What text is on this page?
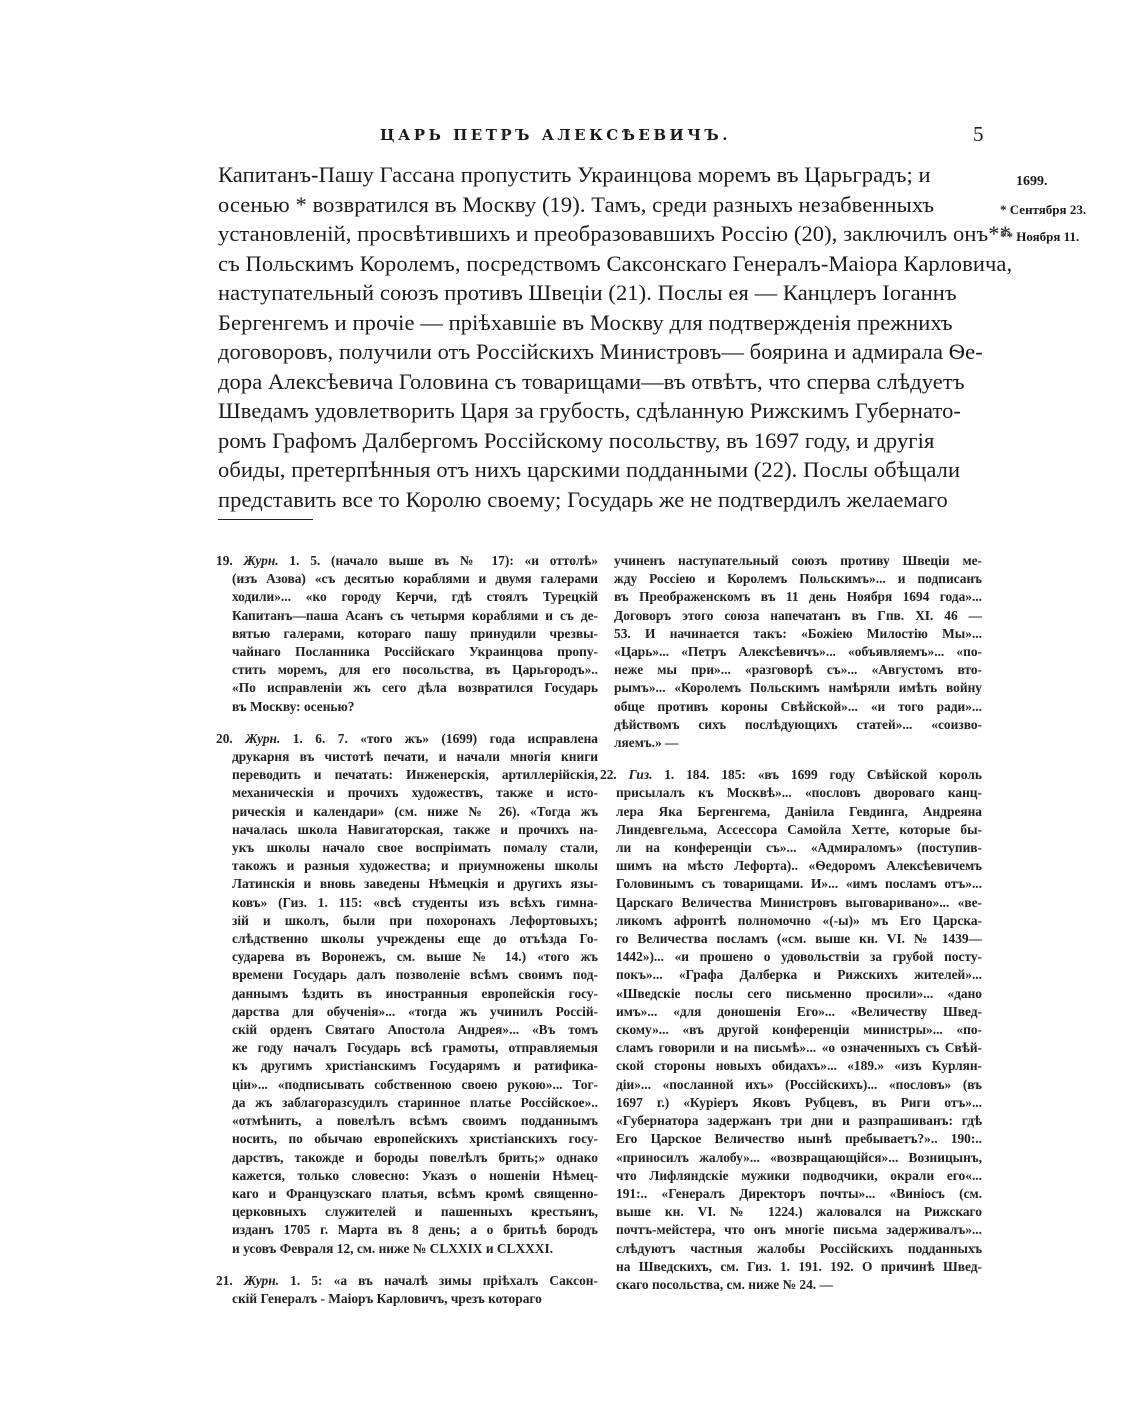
ЦАРЬ ПЕТРЪ АЛЕКСѢЕВИЧЪ.	5
Капитанъ-Пашу Гассана пропустить Украинцова моремъ въ Царьградъ; и
осенью * возвратился въ Москву (19). Тамъ, среди разныхъ незабвенныхъ
установленій, просвѣтившихъ и преобразовавшихъ Россію (20), заключилъ онъ**
съ Польскимъ Королемъ, посредствомъ Саксонскаго Генералъ-Маіора Карловича,
наступательный союзъ противъ Швеціи (21). Послы ея — Канцлеръ Іоганнъ
Бергенгемъ и прочіе — пріѣхавшіе въ Москву для подтвержденія прежнихъ
договоровъ, получили отъ Россійскихъ Министровъ— боярина и адмирала Ѳе-
дора Алексѣевича Головина съ товарищами—въ отвѣтъ, что сперва слѣдуетъ
Шведамъ удовлетворить Царя за грубость, сдѣланную Рижскимъ Губернато-
ромъ Графомъ Далбергомъ Россійскому посольству, въ 1697 году, и другія
обиды, претерпѣнныя отъ нихъ царскими подданными (22). Послы обѣщали
представить все то Королю своему; Государь же не подтвердилъ желаемаго
1699.
* Сентября 23.
** Ноября 11.
19. Журн. 1. 5. (начало выше въ № 17): «и оттолѣ»
(изъ Азова) «съ десятью кораблями и двумя галерами
ходили»... «ко городу Керчи, гдѣ стоялъ Турецкій
Капитанъ—паша Асанъ съ четырмя кораблями и съ де-
вятью галерами, котораго пашу принудили чрезвы-
чайнаго Посланника Россійскаго Украинцова пропу-
стить моремъ, для его посольства, въ Царьгородъ»..
«По исправленіи жъ сего дѣла возвратился Государь
въ Москву: осенью?
20. Журн. 1. 6. 7. «того жъ» (1699) года исправлена
друкарня въ чистотѣ печати, и начали многія книги
переводить и печатать: Инженерскія, артиллерійскія,
механическія и прочихъ художествъ, также и исто-
рическія и календари» (см. ниже № 26). «Тогда жъ
началась школа Навигаторская, также и прочихъ на-
укъ школы начало свое воспріимать помалу стали,
такожъ и разныя художества; и приумножены школы
Латинскія и вновь заведены Нѣмецкія и другихъ язы-
ковъ» (Гиз. 1. 115: «всѣ студенты изъ всѣхъ гимна-
зій и школъ, были при похоронахъ Лефортовыхъ;
слѣдственно школы учреждены еще до отъѣзда Го-
сударева въ Воронежъ, см. выше № 14.) «того жъ
времени Государь далъ позволеніе всѣмъ своимъ под-
даннымъ ѣздить въ иностранныя европейскія госу-
дарства для обученія»... «тогда жъ учинилъ Россій-
скій орденъ Святаго Апостола Андрея»... «Въ томъ
же году началъ Государь всѣ грамоты, отправляемыя
къ другимъ христіанскимъ Государямъ и ратифика-
ціи»... «подписывать собственною своею рукою»... Тог-
да жъ заблагоразсудилъ старинное платье Россійское»..
«отмѣнить, а повелѣлъ всѣмъ своимъ подданнымъ
носить, по обычаю европейскихъ христіанскихъ госу-
дарствъ, такожде и бороды повелѣлъ брить;» однако
кажется, только словесно: Указъ о ношеніи Нѣмец-
каго и Французскаго платья, всѣмъ кромѣ священно-
церковныхъ служителей и пашенныхъ крестьянъ,
изданъ 1705 г. Марта въ 8 день; а о бритьѣ бородъ
и усовъ Февраля 12, см. ниже № CLXXIX и CLXXXI.
21. Журн. 1. 5: «а въ началѣ зимы пріѣхалъ Саксон-
скій Генералъ - Маіоръ Карловичъ, чрезъ котораго
учиненъ наступательный союзъ противу Швеціи ме-
жду Россіею и Королемъ Польскимъ»... и подписанъ
въ Преображенскомъ въ 11 день Ноября 1694 года»...
Договоръ этого союза напечатанъ въ Гпв. XI. 46 —
53. И начинается такъ: «Божіею Милостію Мы»...
«Царь»... «Петръ Алексѣевичъ»... «объявляемъ»... «по-
неже мы при»... «разговорѣ съ»... «Августомъ вто-
рымъ»... «Королемъ Польскимъ намѣряли имѣть войну
обще противъ короны Свѣйской»... «и того ради»...
дѣйствомъ сихъ послѣдующихъ статей»... «соизво-
ляемъ.» —
22. Гиз. 1. 184. 185: «въ 1699 году Свѣйской король
присылалъ къ Москвѣ»... «пословъ двороваго канц-
лера Яка Бергенгема, Даніила Гевдинга, Андреяна
Линдевгельма, Ассессора Самойла Хетте, которые бы-
ли на конференціи съ»... «Адмираломъ» (поступив-
шимъ на мѣсто Лефорта).. «Ѳедоромъ Алексѣевичемъ
Головинымъ съ товарищами. И»... «имъ посламъ отъ»...
Царскаго Величества Министровъ выговаривано»... «ве-
ликомъ афронтѣ полномочно «(-ы)» мъ Его Царска-
го Величества посламъ («см. выше кн. VI. № 1439—
1442»)... «и прошено о удовольствіи за грубой посту-
покъ»... «Графа Далберка и Рижскихъ жителей»...
«Шведскіе послы сего письменно просили»... «дано
имъ»... «для доношенія Его»... «Величеству Швед-
скому»... «въ другой конференціи министры»... «по-
сламъ говорили и на письмѣ»... «о означенныхъ съ Свѣй-
ской стороны новыхъ обидахъ»... «189.» «изъ Курлян-
діи»... «посланной ихъ» (Россійскихъ)... «пословъ» (въ
1697 г.) «Куріеръ Яковъ Рубцевъ, въ Риги отъ»...
«Губернатора задержанъ три дни и разпрашиванъ: гдѣ
Его Царское Величество нынѣ пребываетъ?».. 190:..
«приносилъ жалобу»... «возвращающійся»... Возницынъ,
что Лифляндскіе мужики подводчики, окрали его«...
191:.. «Генералъ Директоръ почты»... «Виніосъ (см.
выше кн. VI. № 1224.) жаловался на Рижскаго
почтъ-мейстера, что онъ многіе письма задерживалъ»...
слѣдуютъ частныя жалобы Россійскихъ подданныхъ
на Шведскихъ, см. Гиз. 1. 191. 192. О причинѣ Швед-
скаго посольства, см. ниже № 24. —
